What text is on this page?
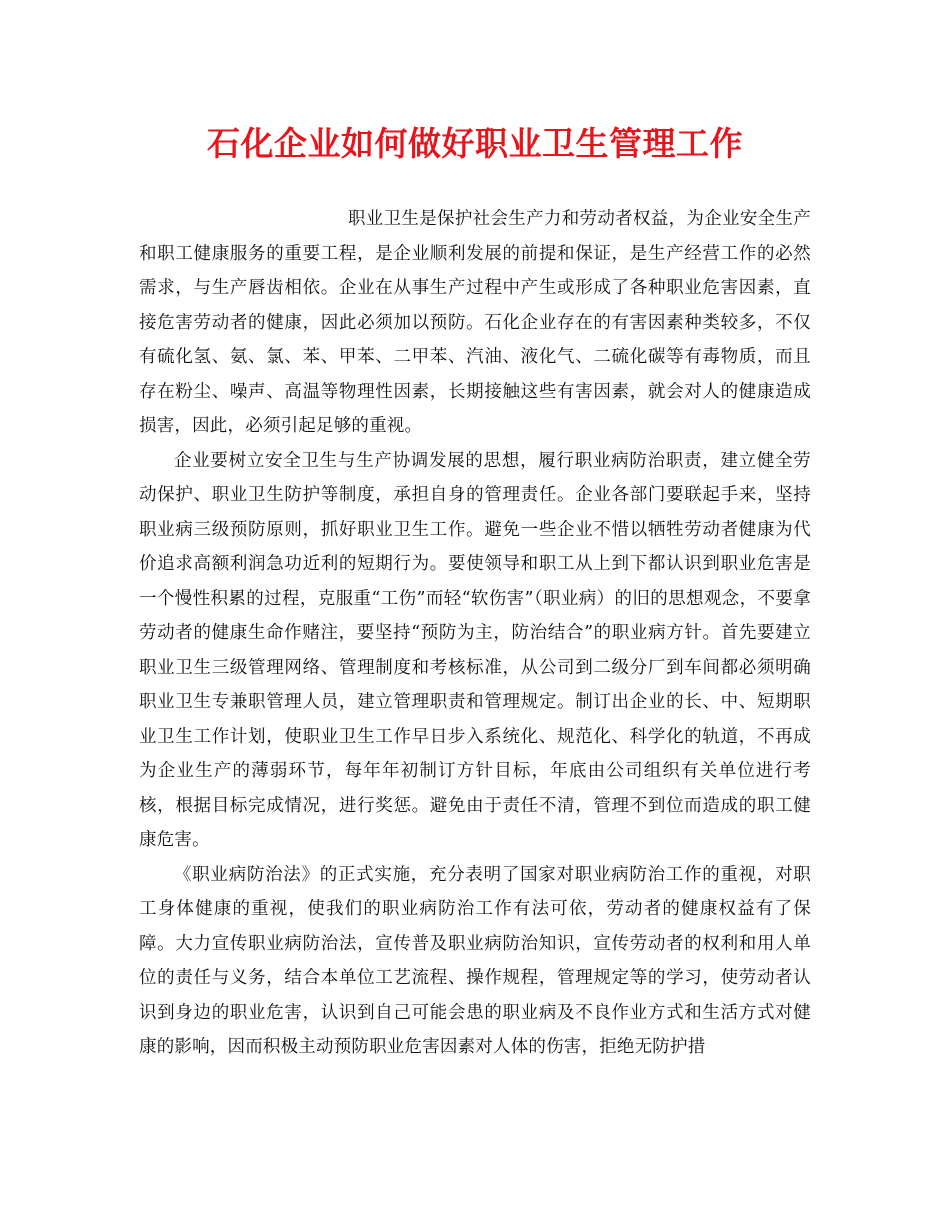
石化企业如何做好职业卫生管理工作

职业卫生是保护社会生产力和劳动者权益，为企业安全生产和职工健康服务的重要工程，是企业顺利发展的前提和保证，是生产经营工作的必然需求，与生产唇齿相依。企业在从事生产过程中产生或形成了各种职业危害因素，直接危害劳动者的健康，因此必须加以预防。石化企业存在的有害因素种类较多，不仅有硫化氢、氨、氯、苯、甲苯、二甲苯、汽油、液化气、二硫化碳等有毒物质，而且存在粉尘、噪声、高温等物理性因素，长期接触这些有害因素，就会对人的健康造成损害，因此，必须引起足够的重视。

企业要树立安全卫生与生产协调发展的思想，履行职业病防治职责，建立健全劳动保护、职业卫生防护等制度，承担自身的管理责任。企业各部门要联起手来，坚持职业病三级预防原则，抓好职业卫生工作。避免一些企业不惜以牺牲劳动者健康为代价追求高额利润急功近利的短期行为。要使领导和职工从上到下都认识到职业危害是一个慢性积累的过程，克服重“工伤”而轻“软伤害”（职业病）的旧的思想观念，不要拿劳动者的健康生命作赌注，要坚持“预防为主，防治结合”的职业病方针。首先要建立职业卫生三级管理网络、管理制度和考核标准，从公司到二级分厂到车间都必须明确职业卫生专兼职管理人员，建立管理职责和管理规定。制订出企业的长、中、短期职业卫生工作计划，使职业卫生工作早日步入系统化、规范化、科学化的轨道，不再成为企业生产的薄弱环节，每年年初制订方针目标，年底由公司组织有关单位进行考核，根据目标完成情况，进行奖惩。避免由于责任不清，管理不到位而造成的职工健康危害。

《职业病防治法》的正式实施，充分表明了国家对职业病防治工作的重视，对职工身体健康的重视，使我们的职业病防治工作有法可依，劳动者的健康权益有了保障。大力宣传职业病防治法，宣传普及职业病防治知识，宣传劳动者的权利和用人单位的责任与义务，结合本单位工艺流程、操作规程，管理规定等的学习，使劳动者认识到身边的职业危害，认识到自己可能会患的职业病及不良作业方式和生活方式对健康的影响，因而积极主动预防职业危害因素对人体的伤害，拒绝无防护措
